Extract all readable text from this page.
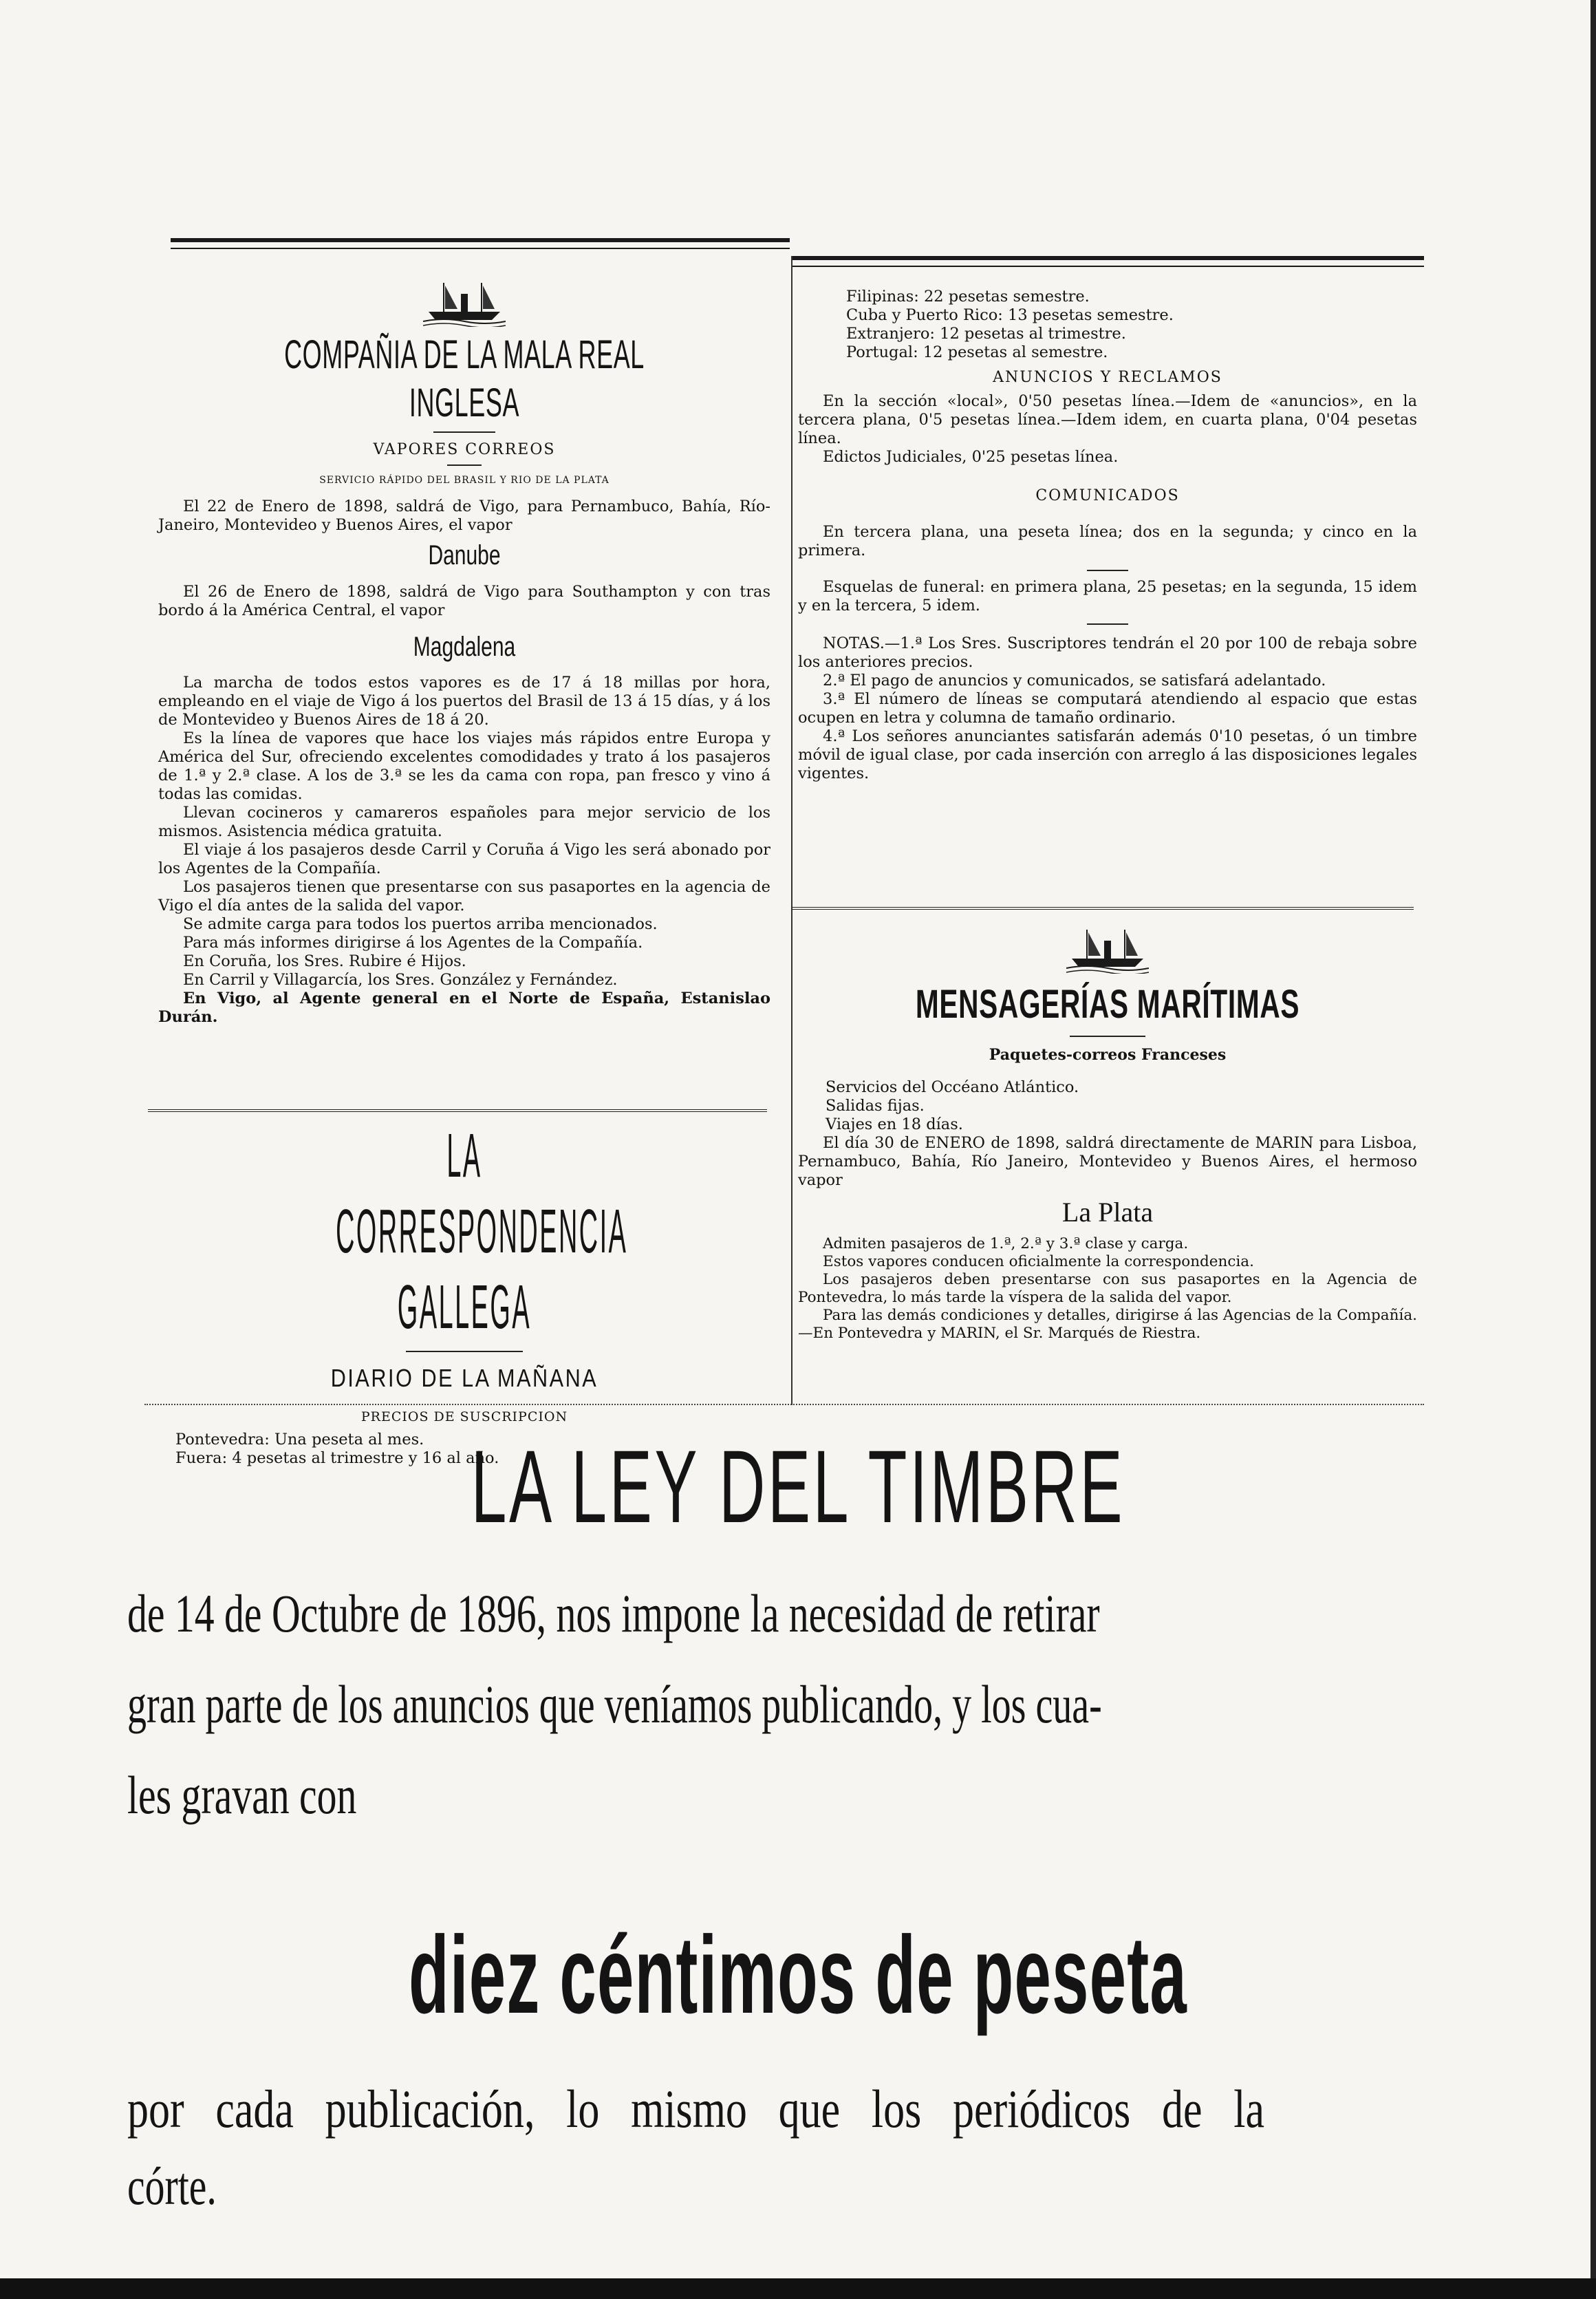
COMPAÑIA DE LA MALA REAL INGLESA
VAPORES CORREOS
SERVICIO RÁPIDO DEL BRASIL Y RIO DE LA PLATA

El 22 de Enero de 1898, saldrá de Vigo, para Pernambuco, Bahía, Río-Janeiro, Montevideo y Buenos Aires, el vapor

Danube

El 26 de Enero de 1898, saldrá de Vigo para Southampton y con tras bordo á la América Central, el vapor

Magdalena

La marcha de todos estos vapores es de 17 á 18 millas por hora, empleando en el viaje de Vigo á los puertos del Brasil de 13 á 15 días, y á los de Montevideo y Buenos Aires de 18 á 20.

Es la línea de vapores que hace los viajes más rápidos entre Europa y América del Sur, ofreciendo excelentes comodidades y trato á los pasajeros de 1.ª y 2.ª clase. A los de 3.ª se les da cama con ropa, pan fresco y vino á todas las comidas.

Llevan cocineros y camareros españoles para mejor servicio de los mismos. Asistencia médica gratuita.

El viaje á los pasajeros desde Carril y Coruña á Vigo les será abonado por los Agentes de la Compañía.

Los pasajeros tienen que presentarse con sus pasaportes en la agencia de Vigo el día antes de la salida del vapor.

Se admite carga para todos los puertos arriba mencionados.

Para más informes dirigirse á los Agentes de la Compañía.

En Coruña, los Sres. Rubire é Hijos.

En Carril y Villagarcía, los Sres. González y Fernández.

En Vigo, al Agente general en el Norte de España, Estanislao Durán.

LA CORRESPONDENCIA GALLEGA
DIARIO DE LA MAÑANA
PRECIOS DE SUSCRIPCION

Pontevedra: Una peseta al mes.

Fuera: 4 pesetas al trimestre y 16 al año.

Filipinas: 22 pesetas semestre.

Cuba y Puerto Rico: 13 pesetas semestre.

Extranjero: 12 pesetas al trimestre.

Portugal: 12 pesetas al semestre.

ANUNCIOS Y RECLAMOS

En la sección «local», 0'50 pesetas línea.—Idem de «anuncios», en la tercera plana, 0'5 pesetas línea.—Idem idem, en cuarta plana, 0'04 pesetas línea.

Edictos Judiciales, 0'25 pesetas línea.

COMUNICADOS

En tercera plana, una peseta línea; dos en la segunda; y cinco en la primera.

Esquelas de funeral: en primera plana, 25 pesetas; en la segunda, 15 idem y en la tercera, 5 idem.

NOTAS.—1.ª Los Sres. Suscriptores tendrán el 20 por 100 de rebaja sobre los anteriores precios.

2.ª El pago de anuncios y comunicados, se satisfará adelantado.

3.ª El número de líneas se computará atendiendo al espacio que estas ocupen en letra y columna de tamaño ordinario.

4.ª Los señores anunciantes satisfarán además 0'10 pesetas, ó un timbre móvil de igual clase, por cada inserción con arreglo á las disposiciones legales vigentes.

MENSAGERÍAS MARÍTIMAS
Paquetes-correos Franceses

Servicios del Occéano Atlántico.

Salidas fijas.

Viajes en 18 días.

El día 30 de ENERO de 1898, saldrá directamente de MARIN para Lisboa, Pernambuco, Bahía, Río Janeiro, Montevideo y Buenos Aires, el hermoso vapor

La Plata

Admiten pasajeros de 1.ª, 2.ª y 3.ª clase y carga.

Estos vapores conducen oficialmente la correspondencia.

Los pasajeros deben presentarse con sus pasaportes en la Agencia de Pontevedra, lo más tarde la víspera de la salida del vapor.

Para las demás condiciones y detalles, dirigirse á las Agencias de la Compañía.—En Pontevedra y MARIN, el Sr. Marqués de Riestra.

LA LEY DEL TIMBRE
de 14 de Octubre de 1896, nos impone la necesidad de retirar
gran parte de los anuncios que veníamos publicando, y los cua-
les gravan con
diez céntimos de peseta
por cada publicación, lo mismo que los periódicos de la
córte.
